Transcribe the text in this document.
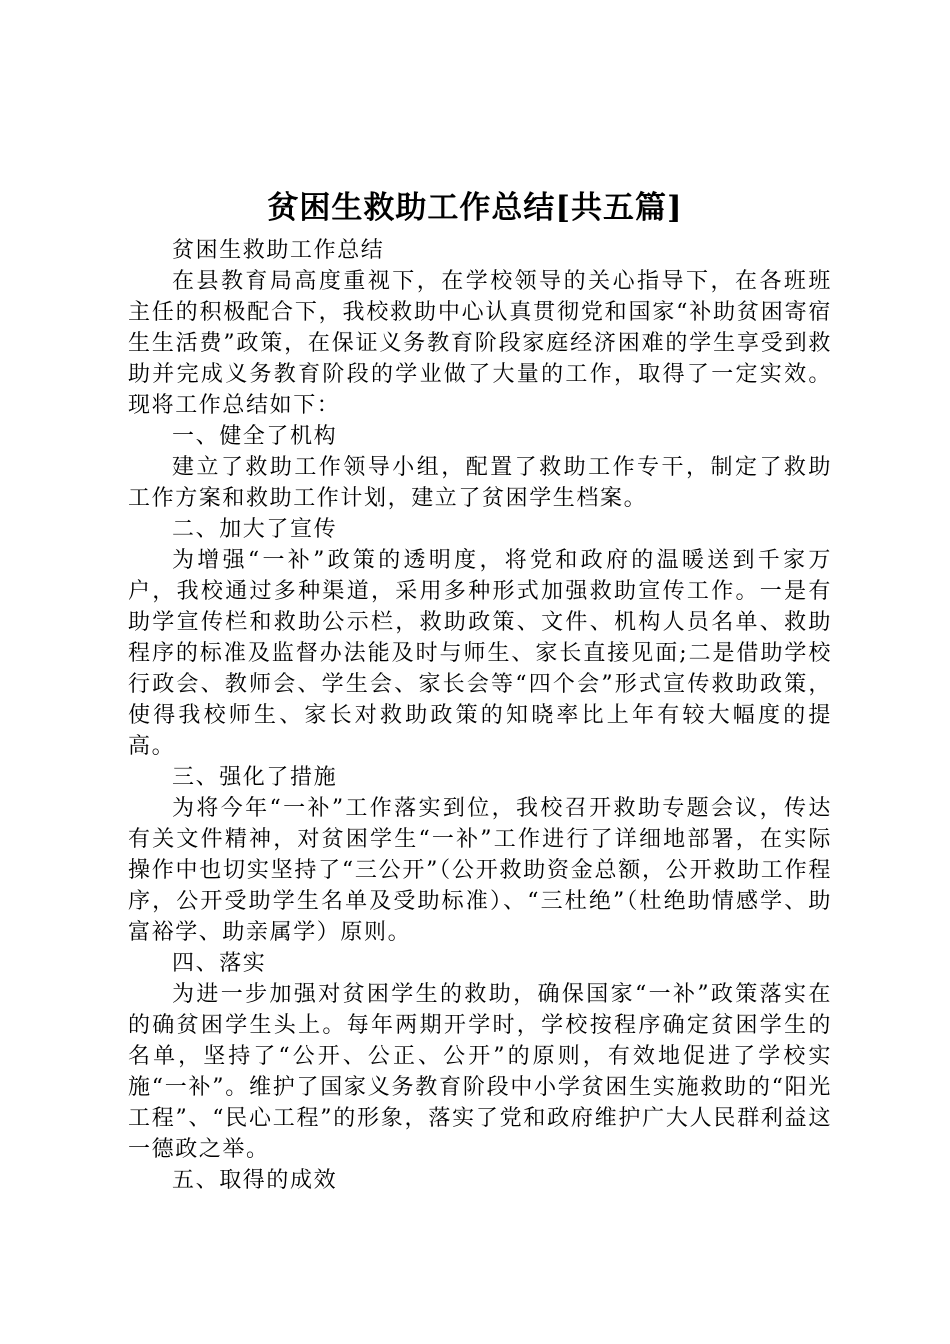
贫困生救助工作总结[共五篇]

贫困生救助工作总结

在县教育局高度重视下，在学校领导的关心指导下，在各班班主任的积极配合下，我校救助中心认真贯彻党和国家“补助贫困寄宿生生活费”政策，在保证义务教育阶段家庭经济困难的学生享受到救助并完成义务教育阶段的学业做了大量的工作，取得了一定实效。现将工作总结如下：

一、健全了机构

建立了救助工作领导小组，配置了救助工作专干，制定了救助工作方案和救助工作计划，建立了贫困学生档案。

二、加大了宣传

为增强“一补”政策的透明度，将党和政府的温暖送到千家万户，我校通过多种渠道，采用多种形式加强救助宣传工作。一是有助学宣传栏和救助公示栏，救助政策、文件、机构人员名单、救助程序的标准及监督办法能及时与师生、家长直接见面;二是借助学校行政会、教师会、学生会、家长会等“四个会”形式宣传救助政策，使得我校师生、家长对救助政策的知晓率比上年有较大幅度的提高。

三、强化了措施

为将今年“一补”工作落实到位，我校召开救助专题会议，传达有关文件精神，对贫困学生“一补”工作进行了详细地部署，在实际操作中也切实坚持了“三公开”（公开救助资金总额，公开救助工作程序，公开受助学生名单及受助标准）、“三杜绝”（杜绝助情感学、助富裕学、助亲属学）原则。

四、落实

为进一步加强对贫困学生的救助，确保国家“一补”政策落实在的确贫困学生头上。每年两期开学时，学校按程序确定贫困学生的名单，坚持了“公开、公正、公开”的原则，有效地促进了学校实施“一补”。维护了国家义务教育阶段中小学贫困生实施救助的“阳光工程”、“民心工程”的形象，落实了党和政府维护广大人民群利益这一德政之举。

五、取得的成效
